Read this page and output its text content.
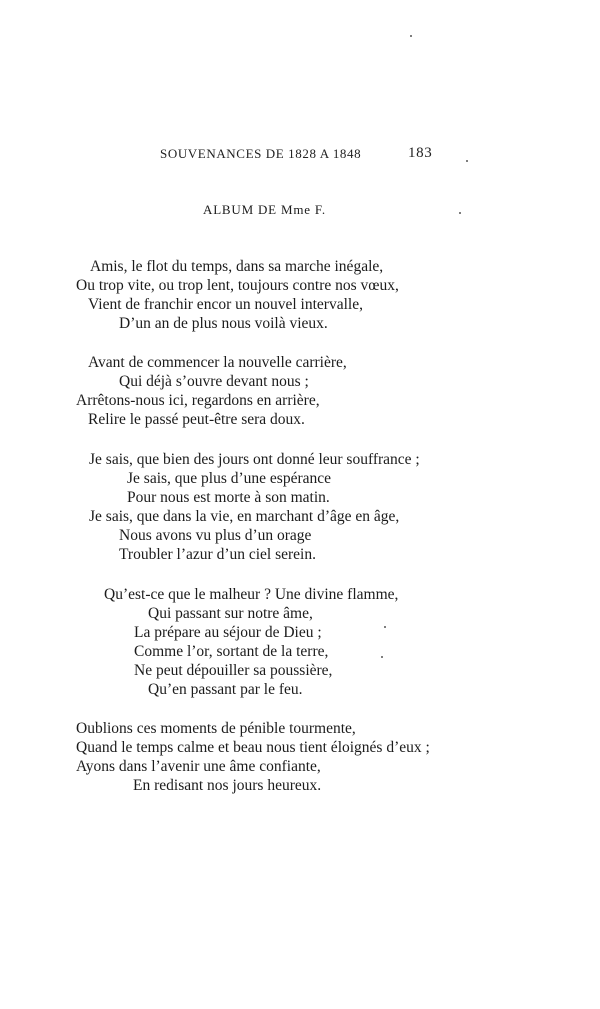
SOUVENANCES DE 1828 A 1848	183
ALBUM DE Mme F.
Amis, le flot du temps, dans sa marche inégale,
Ou trop vite, ou trop lent, toujours contre nos vœux,
Vient de franchir encor un nouvel intervalle,
D’un an de plus nous voilà vieux.
Avant de commencer la nouvelle carrière,
Qui déjà s’ouvre devant nous ;
Arrêtons-nous ici, regardons en arrière,
Relire le passé peut-être sera doux.
Je sais, que bien des jours ont donné leur souffrance ;
Je sais, que plus d’une espérance
Pour nous est morte à son matin.
Je sais, que dans la vie, en marchant d’âge en âge,
Nous avons vu plus d’un orage
Troubler l’azur d’un ciel serein.
Qu’est-ce que le malheur ? Une divine flamme,
Qui passant sur notre âme,
La prépare au séjour de Dieu ;
Comme l’or, sortant de la terre,
Ne peut dépouiller sa poussière,
Qu’en passant par le feu.
Oublions ces moments de pénible tourmente,
Quand le temps calme et beau nous tient éloignés d’eux ;
Ayons dans l’avenir une âme confiante,
En redisant nos jours heureux.
